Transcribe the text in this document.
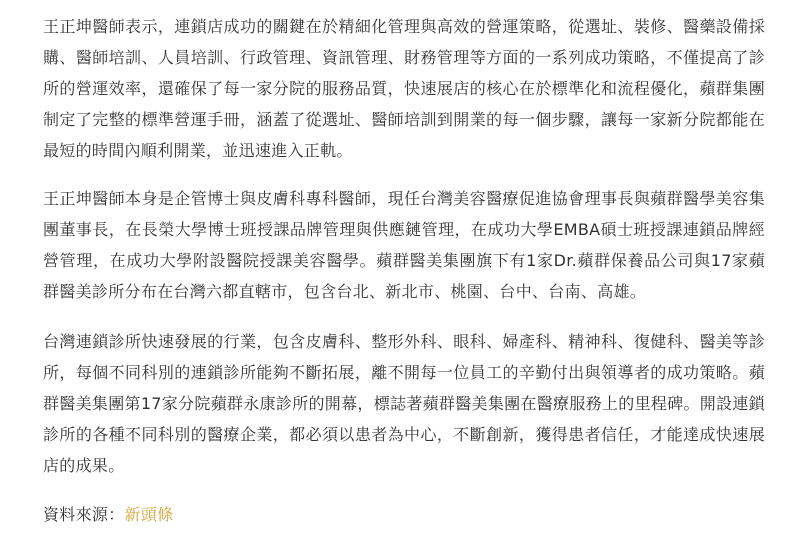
王正坤醫師表示，連鎖店成功的關鍵在於精細化管理與高效的營運策略，從選址、裝修、醫藥設備採購、醫師培訓、人員培訓、行政管理、資訊管理、財務管理等方面的一系列成功策略，不僅提高了診所的營運效率，還確保了每一家分院的服務品質，快速展店的核心在於標準化和流程優化，蘋群集團制定了完整的標準營運手冊，涵蓋了從選址、醫師培訓到開業的每一個步驟，讓每一家新分院都能在最短的時間內順利開業，並迅速進入正軌。

王正坤醫師本身是企管博士與皮膚科專科醫師，現任台灣美容醫療促進協會理事長與蘋群醫學美容集團董事長，在長榮大學博士班授課品牌管理與供應鏈管理，在成功大學EMBA碩士班授課連鎖品牌經營管理，在成功大學附設醫院授課美容醫學。蘋群醫美集團旗下有1家Dr.蘋群保養品公司與17家蘋群醫美診所分布在台灣六都直轄市，包含台北、新北市、桃園、台中、台南、高雄。

台灣連鎖診所快速發展的行業，包含皮膚科、整形外科、眼科、婦產科、精神科、復健科、醫美等診所，每個不同科別的連鎖診所能夠不斷拓展，離不開每一位員工的辛勤付出與領導者的成功策略。蘋群醫美集團第17家分院蘋群永康診所的開幕，標誌著蘋群醫美集團在醫療服務上的里程碑。開設連鎖診所的各種不同科別的醫療企業，都必須以患者為中心，不斷創新，獲得患者信任，才能達成快速展店的成果。

資料來源：新頭條
